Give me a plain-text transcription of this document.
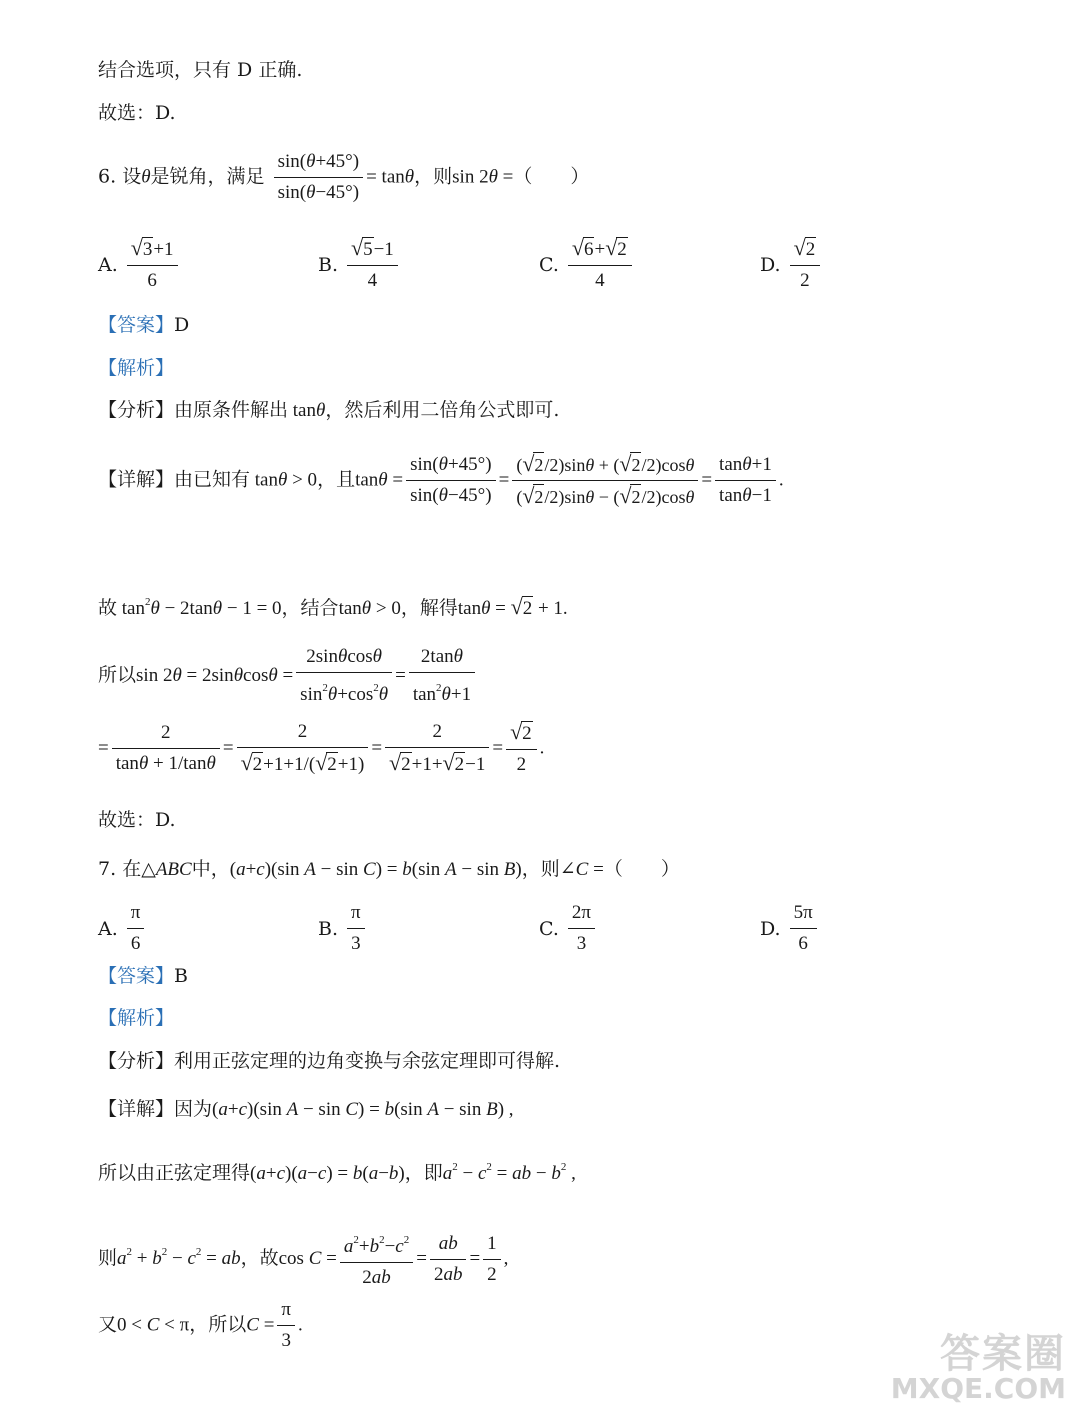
结合选项，只有 D 正确.
故选：D.
6. 设θ是锐角，满足 $\frac{\sin(\theta+45^\circ)}{\sin(\theta-45^\circ)} = \tan\theta$，则sin 2θ =（　　）
A. $\frac{√3+1}{6}$	B. $\frac{√5-1}{4}$	C. $\frac{√6+√2}{4}$	D. $\frac{√2}{2}$
【答案】D
【解析】
【分析】由原条件解出 tanθ，然后利用二倍角公式即可.
【详解】由已知有 tanθ > 0，且$\tan\theta = \frac{\sin(\theta+45^\circ)}{\sin(\theta-45^\circ)} = \frac{(√2/2)\sin\theta + (√2/2)\cos\theta}{(√2/2)\sin\theta - (√2/2)\cos\theta} = \frac{\tan\theta+1}{\tan\theta-1}$ .
故 $\tan^2\theta - 2\tan\theta - 1 = 0$，结合tanθ > 0，解得tanθ = √2 + 1.
所以$\sin 2\theta = 2\sin\theta\cos\theta = \frac{2\sin\theta\cos\theta}{\sin^2\theta+\cos^2\theta} = \frac{2\tan\theta}{\tan^2\theta+1}$
= $\frac{2}{\tan\theta + 1/\tan\theta} = \frac{2}{√2+1+1/(√2+1)} = \frac{2}{√2+1+√2-1} = \frac{√2}{2}$ .
故选：D.
7. 在△ABC中，(a+c)(sin A − sin C) = b(sin A − sin B)，则∠C =（　　）
A. $\frac{\pi}{6}$	B. $\frac{\pi}{3}$	C. $\frac{2\pi}{3}$	D. $\frac{5\pi}{6}$
【答案】B
【解析】
【分析】利用正弦定理的边角变换与余弦定理即可得解.
【详解】因为(a+c)(sin A − sin C) = b(sin A − sin B) ,
所以由正弦定理得(a+c)(a−c) = b(a−b)，即$a^2 - c^2$ = ab − $b^2$ ,
则$a^2 + b^2 - c^2$ = ab，故$\cos C = \frac{a^2+b^2-c^2}{2ab} = \frac{ab}{2ab} = \frac{1}{2}$ ,
又0 < C < π，所以$C = \frac{\pi}{3}$ .
答案圈
MXQE.COM
